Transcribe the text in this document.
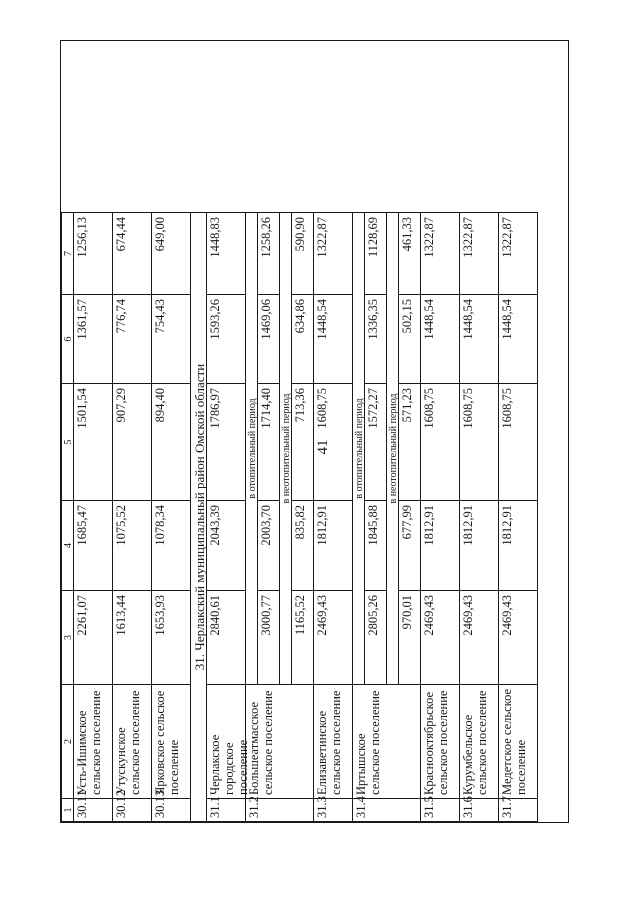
41
1
2
3
4
5
6
7
30.11
Усть-Ишимское сельское поселение
2261,07
1685,47
1501,54
1361,57
1256,13
30.12
Утускунское сельское поселение
1613,44
1075,52
907,29
776,74
674,44
30.13
Ярковское сельское поселение
1653,93
1078,34
894,40
754,43
649,00
31. Черлакский муниципальный район Омской области
31.1
Черлакское городское поселение
2840,61
2043,39
1786,97
1593,26
1448,83
31.2
Большеатмасское сельское поселение
в отопительный период
3000,77
2003,70
1714,40
1469,06
1258,26
в неотопительный период
1165,52
835,82
713,36
634,86
590,90
31.3
Елизаветинское сельское поселение
2469,43
1812,91
1608,75
1448,54
1322,87
31.4
Иртышское сельское поселение
в отопительный период
2805,26
1845,88
1572,27
1336,35
1128,69
в неотопительный период
970,01
677,99
571,23
502,15
461,33
31.5
Краснооктябрьское сельское поселение
2469,43
1812,91
1608,75
1448,54
1322,87
31.6
Курумбельское сельское поселение
2469,43
1812,91
1608,75
1448,54
1322,87
31.7
Медетское сельское поселение
2469,43
1812,91
1608,75
1448,54
1322,87
